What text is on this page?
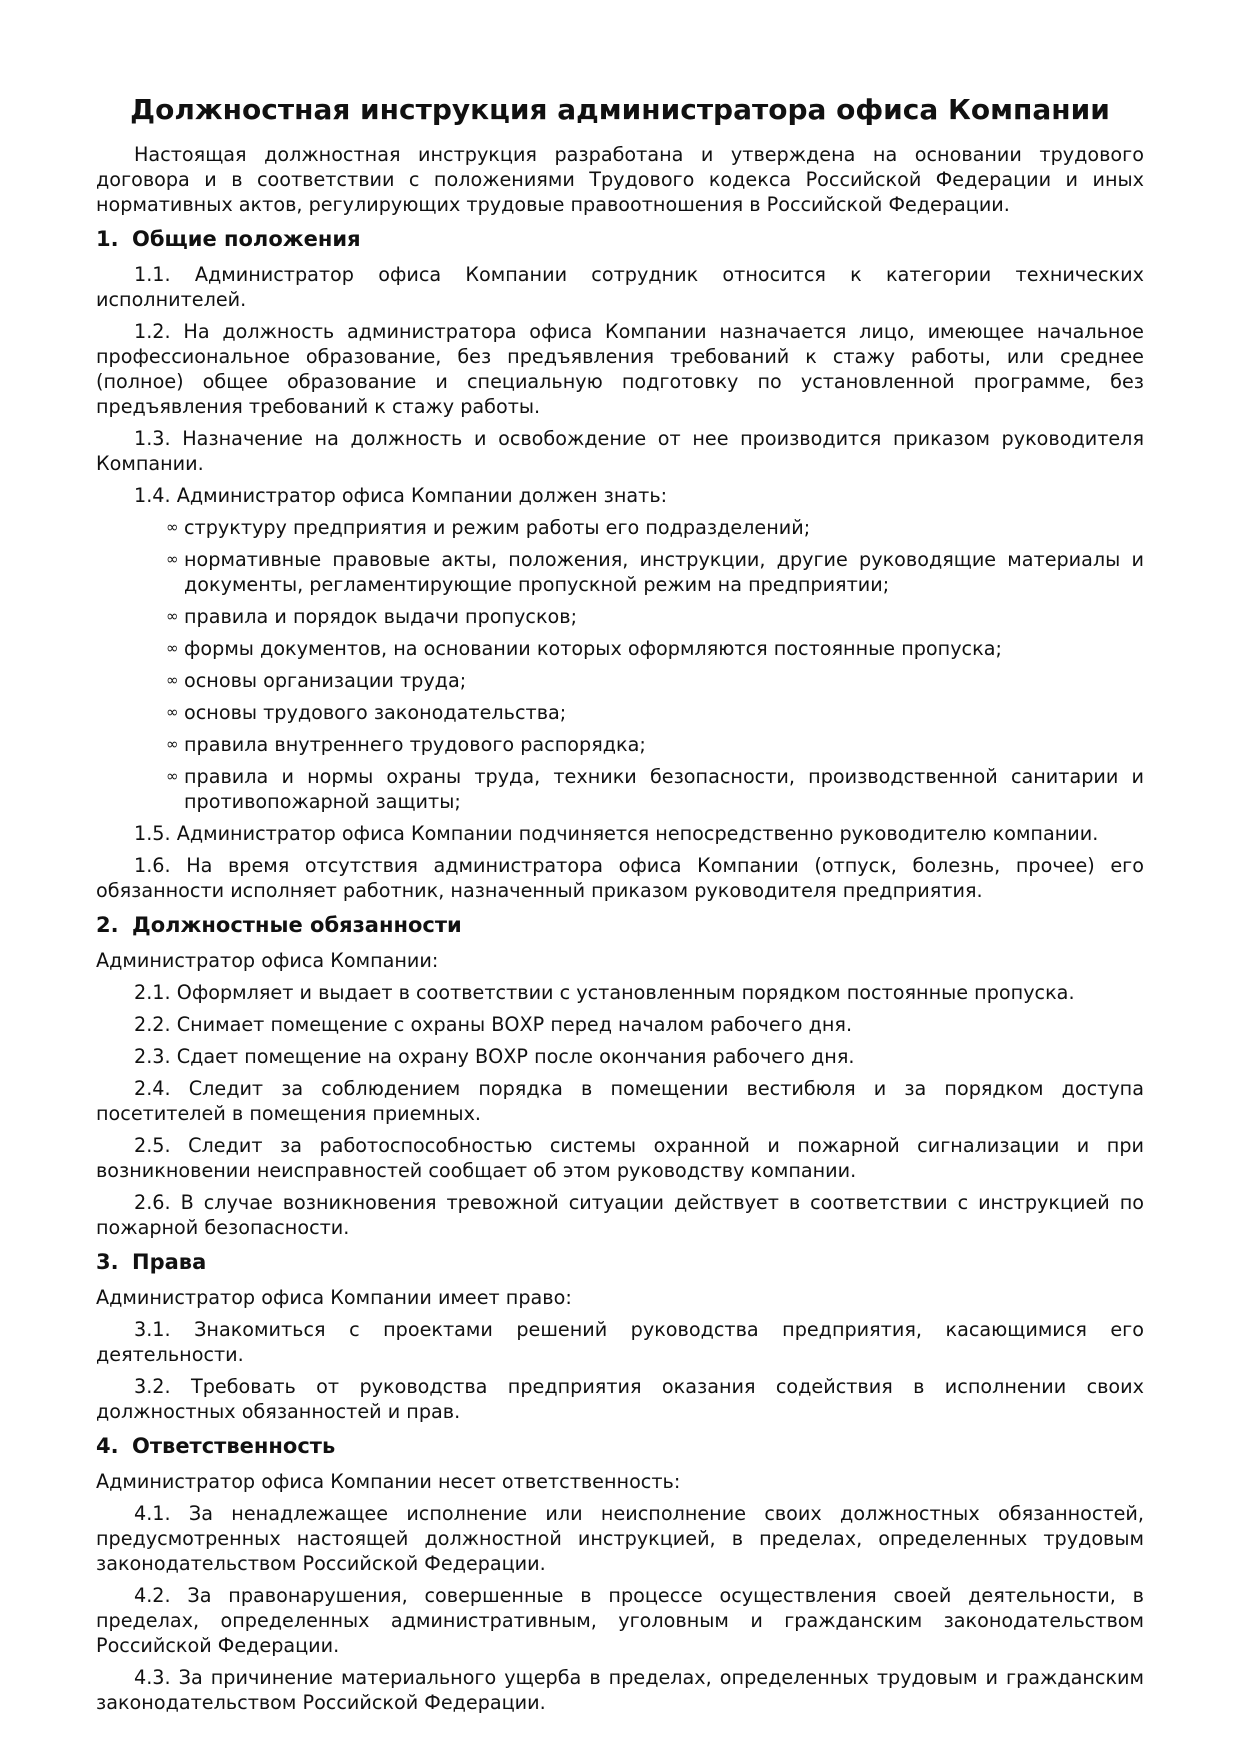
Должностная инструкция администратора офиса Компании

Настоящая должностная инструкция разработана и утверждена на основании трудового договора и в соответствии с положениями Трудового кодекса Российской Федерации и иных нормативных актов, регулирующих трудовые правоотношения в Российской Федерации.

1. Общие положения

1.1. Администратор офиса Компании сотрудник относится к категории технических исполнителей.

1.2. На должность администратора офиса Компании назначается лицо, имеющее начальное профессиональное образование, без предъявления требований к стажу работы, или среднее (полное) общее образование и специальную подготовку по установленной программе, без предъявления требований к стажу работы.

1.3. Назначение на должность и освобождение от нее производится приказом руководителя Компании.

1.4. Администратор офиса Компании должен знать:

∞ структуру предприятия и режим работы его подразделений;
∞ нормативные правовые акты, положения, инструкции, другие руководящие материалы и документы, регламентирующие пропускной режим на предприятии;
∞ правила и порядок выдачи пропусков;
∞ формы документов, на основании которых оформляются постоянные пропуска;
∞ основы организации труда;
∞ основы трудового законодательства;
∞ правила внутреннего трудового распорядка;
∞ правила и нормы охраны труда, техники безопасности, производственной санитарии и противопожарной защиты;

1.5. Администратор офиса Компании подчиняется непосредственно руководителю компании.

1.6. На время отсутствия администратора офиса Компании (отпуск, болезнь, прочее) его обязанности исполняет работник, назначенный приказом руководителя предприятия.

2. Должностные обязанности

Администратор офиса Компании:

2.1. Оформляет и выдает в соответствии с установленным порядком постоянные пропуска.

2.2. Снимает помещение с охраны ВОХР перед началом рабочего дня.

2.3. Сдает помещение на охрану ВОХР после окончания рабочего дня.

2.4. Следит за соблюдением порядка в помещении вестибюля и за порядком доступа посетителей в помещения приемных.

2.5. Следит за работоспособностью системы охранной и пожарной сигнализации и при возникновении неисправностей сообщает об этом руководству компании.

2.6. В случае возникновения тревожной ситуации действует в соответствии с инструкцией по пожарной безопасности.

3. Права

Администратор офиса Компании имеет право:

3.1. Знакомиться с проектами решений руководства предприятия, касающимися его деятельности.

3.2. Требовать от руководства предприятия оказания содействия в исполнении своих должностных обязанностей и прав.

4. Ответственность

Администратор офиса Компании несет ответственность:

4.1. За ненадлежащее исполнение или неисполнение своих должностных обязанностей, предусмотренных настоящей должностной инструкцией, в пределах, определенных трудовым законодательством Российской Федерации.

4.2. За правонарушения, совершенные в процессе осуществления своей деятельности, в пределах, определенных административным, уголовным и гражданским законодательством Российской Федерации.

4.3. За причинение материального ущерба в пределах, определенных трудовым и гражданским законодательством Российской Федерации.
